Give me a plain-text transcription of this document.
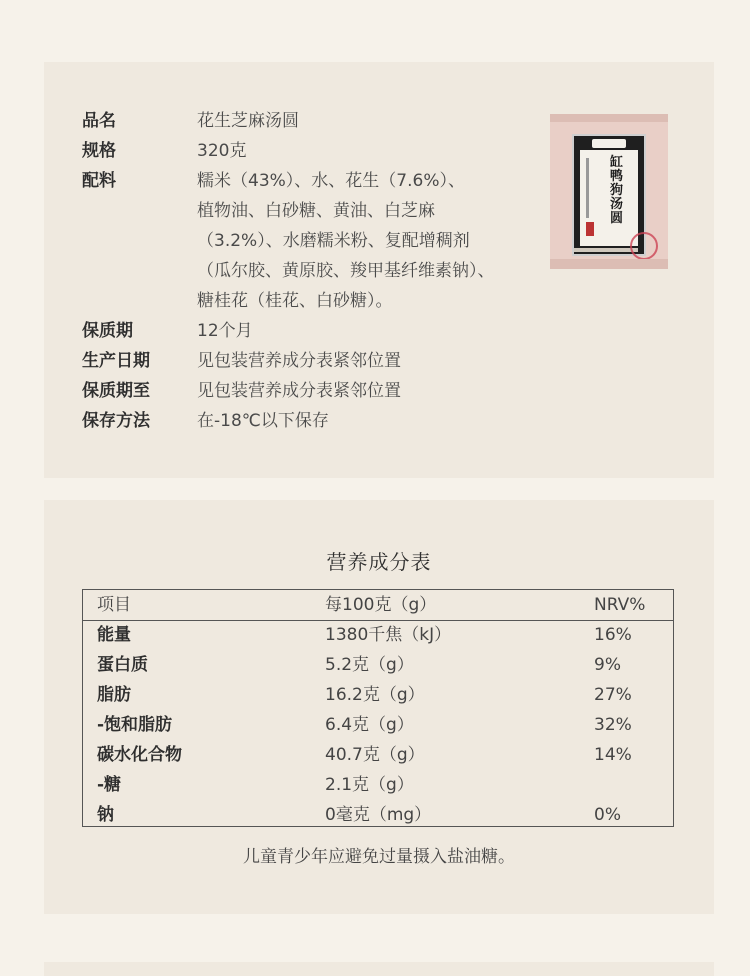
品名	花生芝麻汤圆
规格	320克
配料	糯米（43%）、水、花生（7.6%）、
植物油、白砂糖、黄油、白芝麻
（3.2%）、水磨糯米粉、复配增稠剂
（瓜尔胶、黄原胶、羧甲基纤维素钠）、
糖桂花（桂花、白砂糖）。
保质期	12个月
生产日期	见包装营养成分表紧邻位置
保质期至	见包装营养成分表紧邻位置
保存方法	在-18℃以下保存
缸鸭狗汤圆
营养成分表
项目	每100克（g）	NRV%
能量	1380千焦（kJ）	16%
蛋白质	5.2克（g）	9%
脂肪	16.2克（g）	27%
-饱和脂肪	6.4克（g）	32%
碳水化合物	40.7克（g）	14%
-糖	2.1克（g）
钠	0毫克（mg）	0%
儿童青少年应避免过量摄入盐油糖。
